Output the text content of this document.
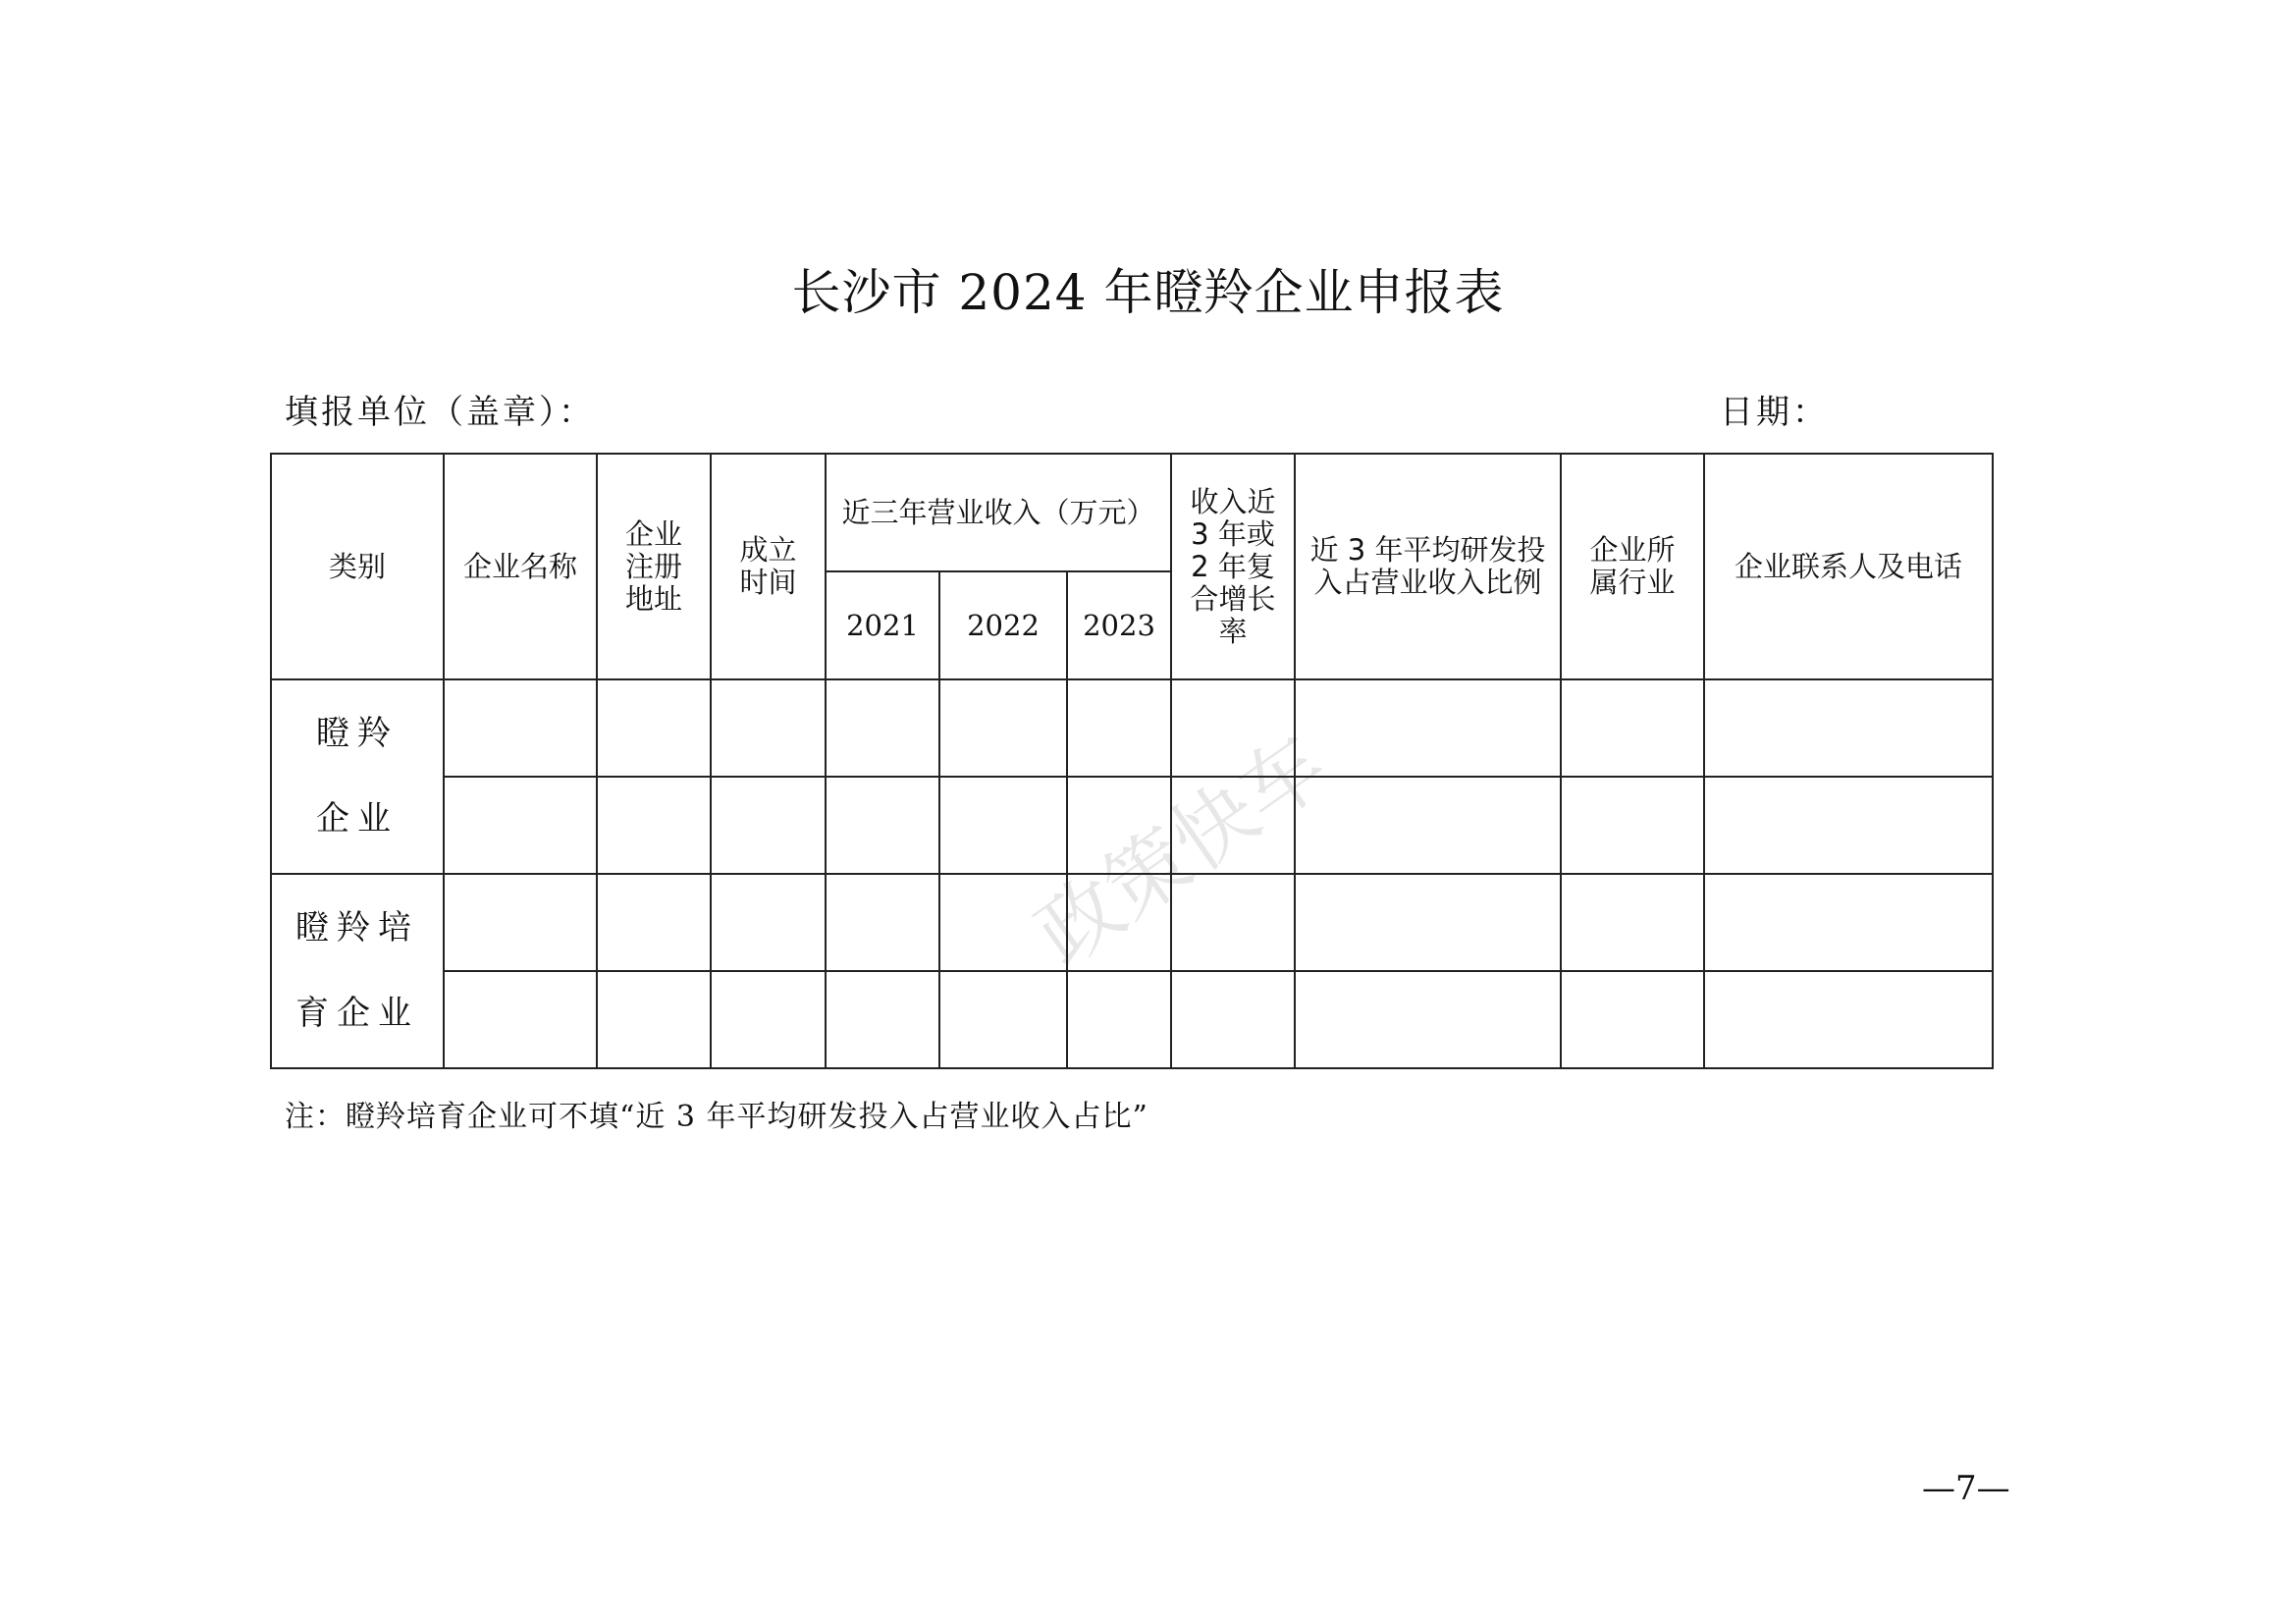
长沙市 2024 年瞪羚企业申报表
填报单位（盖章）：	日期：
政策快车
类别	企业名称	企业注册地址	成立时间	近三年营业收入（万元）			收入近 3 年或 2 年复合增长率	近 3 年平均研发投入占营业收入比例	企业所属行业	企业联系人及电话

				2021	2022	2023				

瞪羚
企业										

瞪羚培
育企业										

注：瞪羚培育企业可不填“近 3 年平均研发投入占营业收入占比”
—7—
